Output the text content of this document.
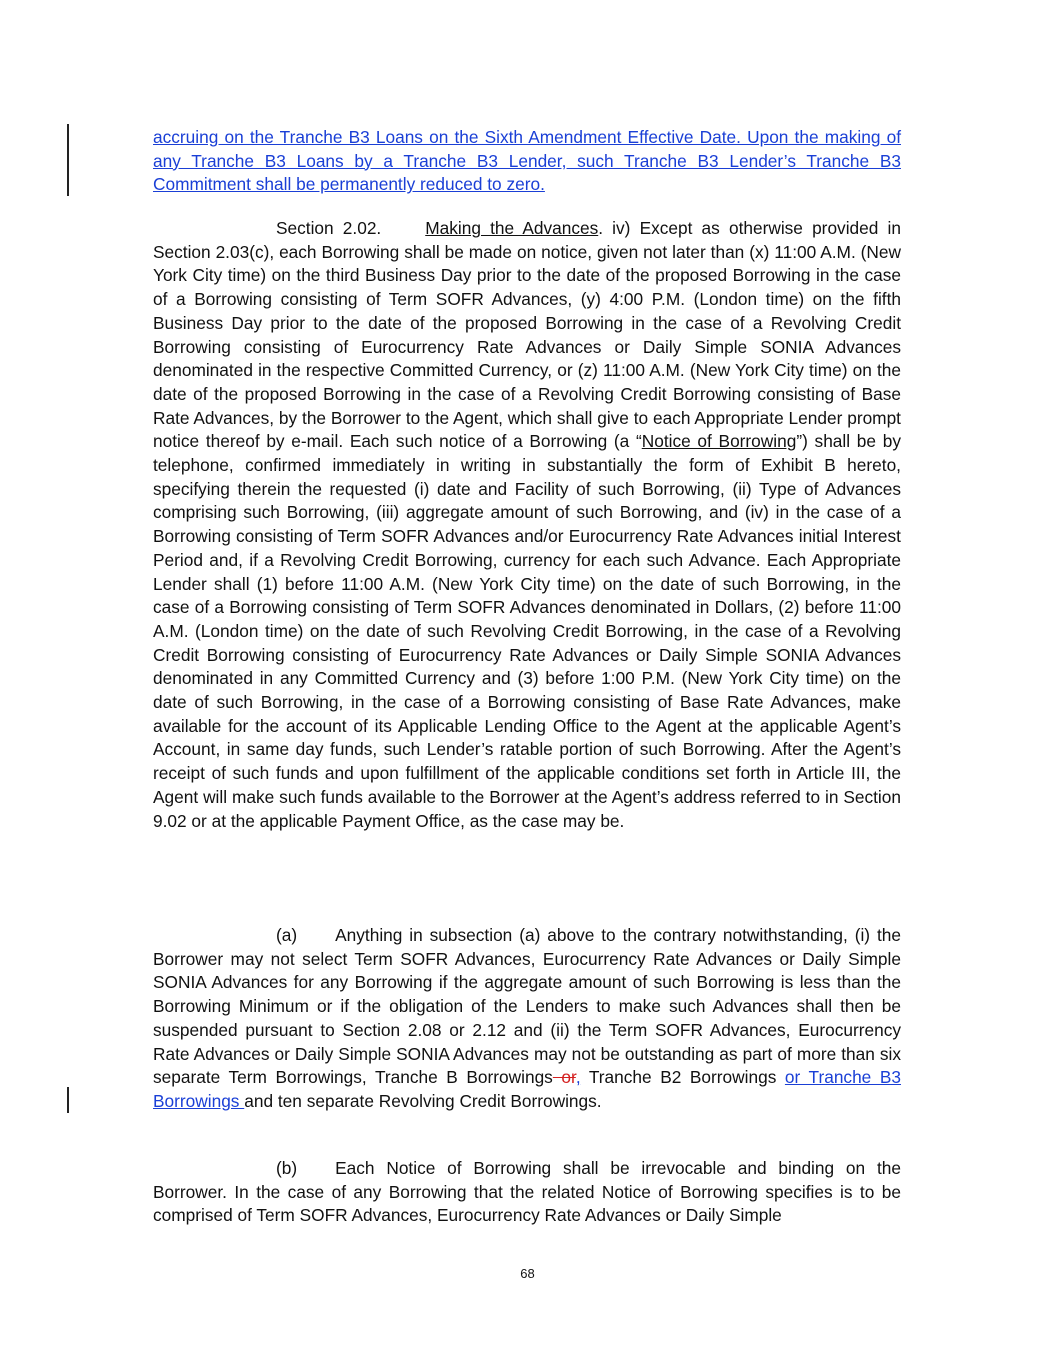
accruing on the Tranche B3 Loans on the Sixth Amendment Effective Date. Upon the making of any Tranche B3 Loans by a Tranche B3 Lender, such Tranche B3 Lender’s Tranche B3 Commitment shall be permanently reduced to zero.

Section 2.02.	Making the Advances. iv) Except as otherwise provided in Section 2.03(c), each Borrowing shall be made on notice, given not later than (x) 11:00 A.M. (New York City time) on the third Business Day prior to the date of the proposed Borrowing in the case of a Borrowing consisting of Term SOFR Advances, (y) 4:00 P.M. (London time) on the fifth Business Day prior to the date of the proposed Borrowing in the case of a Revolving Credit Borrowing consisting of Eurocurrency Rate Advances or Daily Simple SONIA Advances denominated in the respective Committed Currency, or (z) 11:00 A.M. (New York City time) on the date of the proposed Borrowing in the case of a Revolving Credit Borrowing consisting of Base Rate Advances, by the Borrower to the Agent, which shall give to each Appropriate Lender prompt notice thereof by e-mail. Each such notice of a Borrowing (a “Notice of Borrowing”) shall be by telephone, confirmed immediately in writing in substantially the form of Exhibit B hereto, specifying therein the requested (i) date and Facility of such Borrowing, (ii) Type of Advances comprising such Borrowing, (iii) aggregate amount of such Borrowing, and (iv) in the case of a Borrowing consisting of Term SOFR Advances and/or Eurocurrency Rate Advances initial Interest Period and, if a Revolving Credit Borrowing, currency for each such Advance. Each Appropriate Lender shall (1) before 11:00 A.M. (New York City time) on the date of such Borrowing, in the case of a Borrowing consisting of Term SOFR Advances denominated in Dollars, (2) before 11:00 A.M. (London time) on the date of such Revolving Credit Borrowing, in the case of a Revolving Credit Borrowing consisting of Eurocurrency Rate Advances or Daily Simple SONIA Advances denominated in any Committed Currency and (3) before 1:00 P.M. (New York City time) on the date of such Borrowing, in the case of a Borrowing consisting of Base Rate Advances, make available for the account of its Applicable Lending Office to the Agent at the applicable Agent’s Account, in same day funds, such Lender’s ratable portion of such Borrowing. After the Agent’s receipt of such funds and upon fulfillment of the applicable conditions set forth in Article III, the Agent will make such funds available to the Borrower at the Agent’s address referred to in Section 9.02 or at the applicable Payment Office, as the case may be.

(a) Anything in subsection (a) above to the contrary notwithstanding, (i) the Borrower may not select Term SOFR Advances, Eurocurrency Rate Advances or Daily Simple SONIA Advances for any Borrowing if the aggregate amount of such Borrowing is less than the Borrowing Minimum or if the obligation of the Lenders to make such Advances shall then be suspended pursuant to Section 2.08 or 2.12 and (ii) the Term SOFR Advances, Eurocurrency Rate Advances or Daily Simple SONIA Advances may not be outstanding as part of more than six separate Term Borrowings, Tranche B Borrowings or, Tranche B2 Borrowings or Tranche B3 Borrowings and ten separate Revolving Credit Borrowings.

(b) Each Notice of Borrowing shall be irrevocable and binding on the Borrower. In the case of any Borrowing that the related Notice of Borrowing specifies is to be comprised of Term SOFR Advances, Eurocurrency Rate Advances or Daily Simple

68
